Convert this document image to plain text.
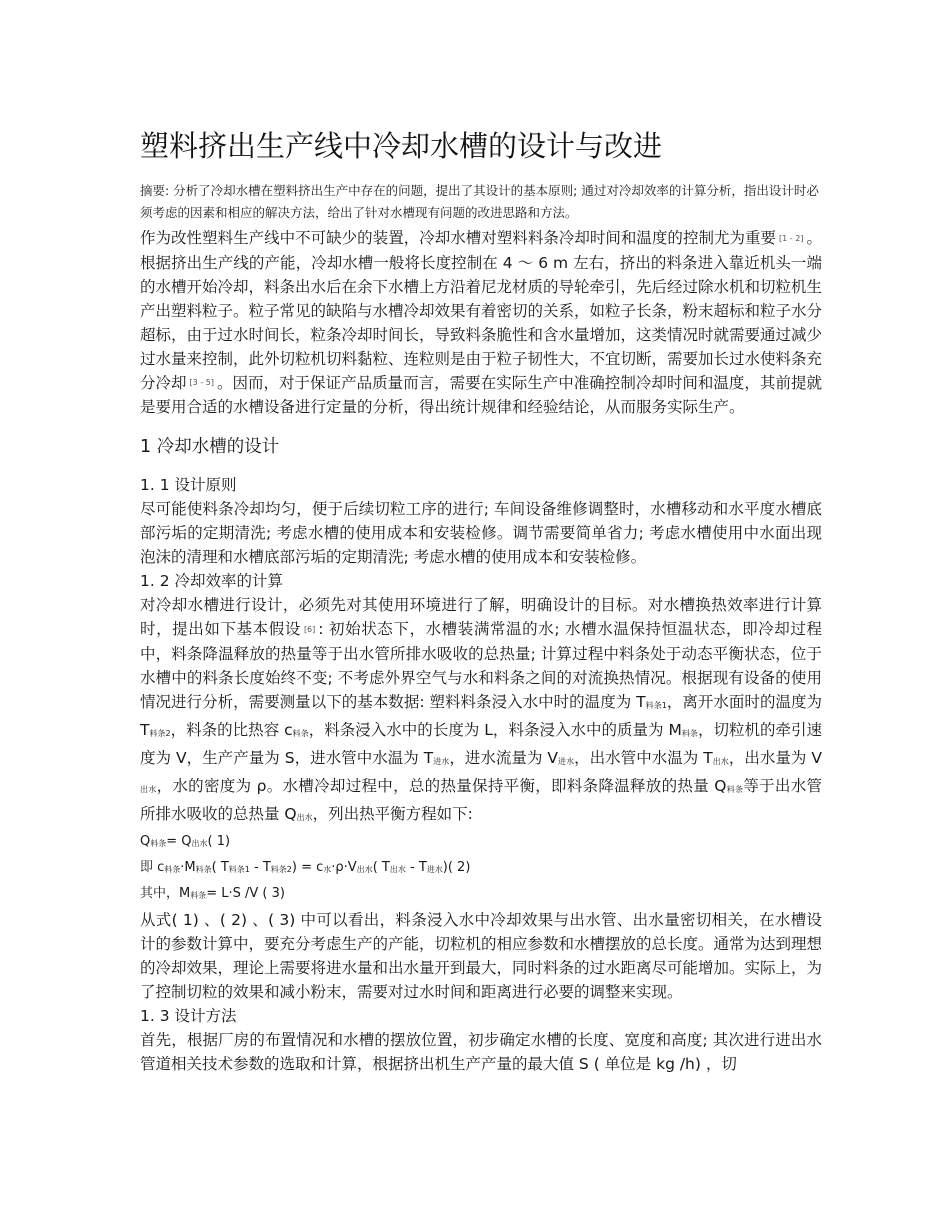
塑料挤出生产线中冷却水槽的设计与改进

摘要: 分析了冷却水槽在塑料挤出生产中存在的问题，提出了其设计的基本原则; 通过对冷却效率的计算分析，指出设计时必须考虑的因素和相应的解决方法，给出了针对水槽现有问题的改进思路和方法。

作为改性塑料生产线中不可缺少的装置，冷却水槽对塑料料条冷却时间和温度的控制尤为重要 [1 - 2] 。根据挤出生产线的产能，冷却水槽一般将长度控制在 4 ～ 6 m 左右，挤出的料条进入靠近机头一端的水槽开始冷却，料条出水后在余下水槽上方沿着尼龙材质的导轮牵引，先后经过除水机和切粒机生产出塑料粒子。粒子常见的缺陷与水槽冷却效果有着密切的关系，如粒子长条，粉末超标和粒子水分超标，由于过水时间长，粒条冷却时间长，导致料条脆性和含水量增加，这类情况时就需要通过减少过水量来控制，此外切粒机切料黏粒、连粒则是由于粒子韧性大，不宜切断，需要加长过水使料条充分冷却 [3 - 5] 。因而，对于保证产品质量而言，需要在实际生产中准确控制冷却时间和温度，其前提就是要用合适的水槽设备进行定量的分析，得出统计规律和经验结论，从而服务实际生产。

1 冷却水槽的设计
1. 1 设计原则

尽可能使料条冷却均匀，便于后续切粒工序的进行; 车间设备维修调整时，水槽移动和水平度水槽底部污垢的定期清洗; 考虑水槽的使用成本和安装检修。调节需要简单省力; 考虑水槽使用中水面出现泡沫的清理和水槽底部污垢的定期清洗; 考虑水槽的使用成本和安装检修。

1. 2 冷却效率的计算

对冷却水槽进行设计，必须先对其使用环境进行了解，明确设计的目标。对水槽换热效率进行计算时，提出如下基本假设 [6] : 初始状态下，水槽装满常温的水; 水槽水温保持恒温状态，即冷却过程中，料条降温释放的热量等于出水管所排水吸收的总热量; 计算过程中料条处于动态平衡状态，位于水槽中的料条长度始终不变; 不考虑外界空气与水和料条之间的对流换热情况。根据现有设备的使用情况进行分析，需要测量以下的基本数据: 塑料料条浸入水中时的温度为 T料条1，离开水面时的温度为 T料条2，料条的比热容 c料条，料条浸入水中的长度为 L，料条浸入水中的质量为 M料条，切粒机的牵引速度为 V，生产产量为 S，进水管中水温为 T进水，进水流量为 V进水，出水管中水温为 T出水，出水量为 V出水，水的密度为 ρ。水槽冷却过程中，总的热量保持平衡，即料条降温释放的热量 Q料条等于出水管所排水吸收的总热量 Q出水，列出热平衡方程如下:

Q料条= Q出水( 1)

即 c料条·M料条( T料条1 - T料条2) = c水·ρ·V出水( T出水 - T进水)( 2)

其中，M料条= L·S /V ( 3)

从式( 1) 、( 2) 、( 3) 中可以看出，料条浸入水中冷却效果与出水管、出水量密切相关，在水槽设计的参数计算中，要充分考虑生产的产能，切粒机的相应参数和水槽摆放的总长度。通常为达到理想的冷却效果，理论上需要将进水量和出水量开到最大，同时料条的过水距离尽可能增加。实际上，为了控制切粒的效果和减小粉末，需要对过水时间和距离进行必要的调整来实现。

1. 3 设计方法

首先，根据厂房的布置情况和水槽的摆放位置，初步确定水槽的长度、宽度和高度; 其次进行进出水管道相关技术参数的选取和计算，根据挤出机生产产量的最大值 S ( 单位是 kg /h) ，切
